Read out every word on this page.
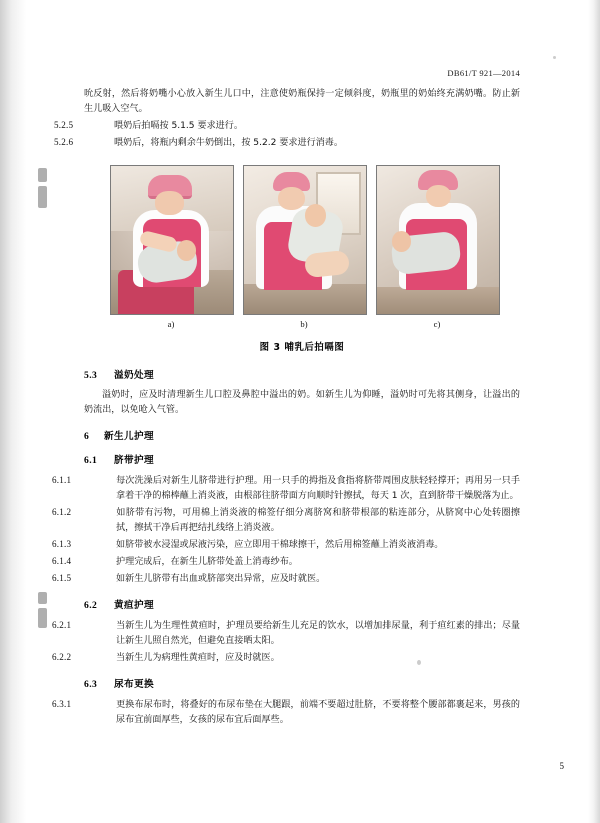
DB61/T 921—2014

吮反射，然后将奶嘴小心放入新生儿口中，注意使奶瓶保持一定倾斜度，奶瓶里的奶始终充满奶嘴。防止新生儿吸入空气。

5.2.5	喂奶后拍嗝按 5.1.5 要求进行。

5.2.6	喂奶后，将瓶内剩余牛奶倒出，按 5.2.2 要求进行消毒。

a)	b)	c)
图 3 哺乳后拍嗝图
5.3 溢奶处理

溢奶时，应及时清理新生儿口腔及鼻腔中溢出的奶。如新生儿为仰睡，溢奶时可先将其侧身，让溢出的奶流出，以免呛入气管。

6 新生儿护理
6.1 脐带护理

6.1.1	每次洗澡后对新生儿脐带进行护理。用一只手的拇指及食指将脐带周围皮肤轻轻撑开；再用另一只手拿着干净的棉棒蘸上消炎液，由根部往脐带面方向顺时针擦拭，每天 1 次，直到脐带干燥脱落为止。

6.1.2	如脐带有污物，可用棉上消炎液的棉签仔细分离脐窝和脐带根部的粘连部分，从脐窝中心处转圈擦拭，擦拭干净后再把结扎线络上消炎液。

6.1.3	如脐带被水浸湿或尿液污染，应立即用干棉球擦干，然后用棉签蘸上消炎液消毒。

6.1.4	护理完成后，在新生儿脐带处盖上消毒纱布。

6.1.5	如新生儿脐带有出血或脐部突出异常，应及时就医。

6.2 黄疸护理

6.2.1	当新生儿为生理性黄疸时，护理员要给新生儿充足的饮水，以增加排尿量，利于疸红素的排出；尽量让新生儿照自然光，但避免直接晒太阳。

6.2.2	当新生儿为病理性黄疸时，应及时就医。

6.3 尿布更换

6.3.1	更换布尿布时，将叠好的布尿布垫在大腿跟，前端不要超过肚脐，不要将整个腰部都裹起来，男孩的尿布宜前面厚些，女孩的尿布宜后面厚些。

5
